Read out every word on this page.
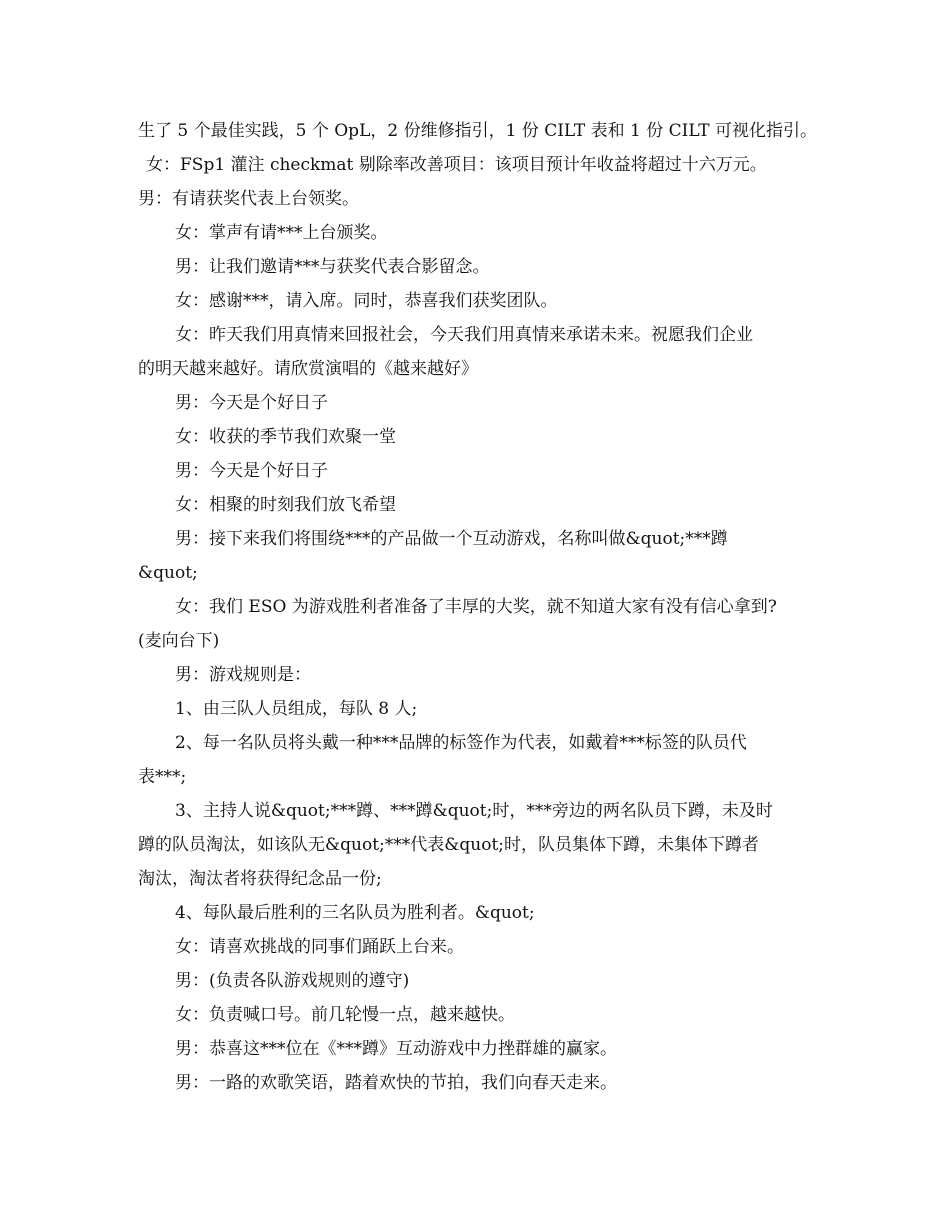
生了 5 个最佳实践，5 个 OpL，2 份维修指引，1 份 CILT 表和 1 份 CILT 可视化指引。
女：FSp1 灌注 checkmat 剔除率改善项目：该项目预计年收益将超过十六万元。
男：有请获奖代表上台领奖。
女：掌声有请***上台颁奖。
男：让我们邀请***与获奖代表合影留念。
女：感谢***，请入席。同时，恭喜我们获奖团队。
女：昨天我们用真情来回报社会，今天我们用真情来承诺未来。祝愿我们企业
的明天越来越好。请欣赏演唱的《越来越好》
男：今天是个好日子
女：收获的季节我们欢聚一堂
男：今天是个好日子
女：相聚的时刻我们放飞希望
男：接下来我们将围绕***的产品做一个互动游戏，名称叫做&quot;***蹲
&quot;
女：我们 ESO 为游戏胜利者准备了丰厚的大奖，就不知道大家有没有信心拿到?
(麦向台下)
男：游戏规则是：
1、由三队人员组成，每队 8 人;
2、每一名队员将头戴一种***品牌的标签作为代表，如戴着***标签的队员代
表***;
3、主持人说&quot;***蹲、***蹲&quot;时，***旁边的两名队员下蹲，未及时
蹲的队员淘汰，如该队无&quot;***代表&quot;时，队员集体下蹲，未集体下蹲者
淘汰，淘汰者将获得纪念品一份;
4、每队最后胜利的三名队员为胜利者。&quot;
女：请喜欢挑战的同事们踊跃上台来。
男：(负责各队游戏规则的遵守)
女：负责喊口号。前几轮慢一点，越来越快。
男：恭喜这***位在《***蹲》互动游戏中力挫群雄的赢家。
男：一路的欢歌笑语，踏着欢快的节拍，我们向春天走来。
